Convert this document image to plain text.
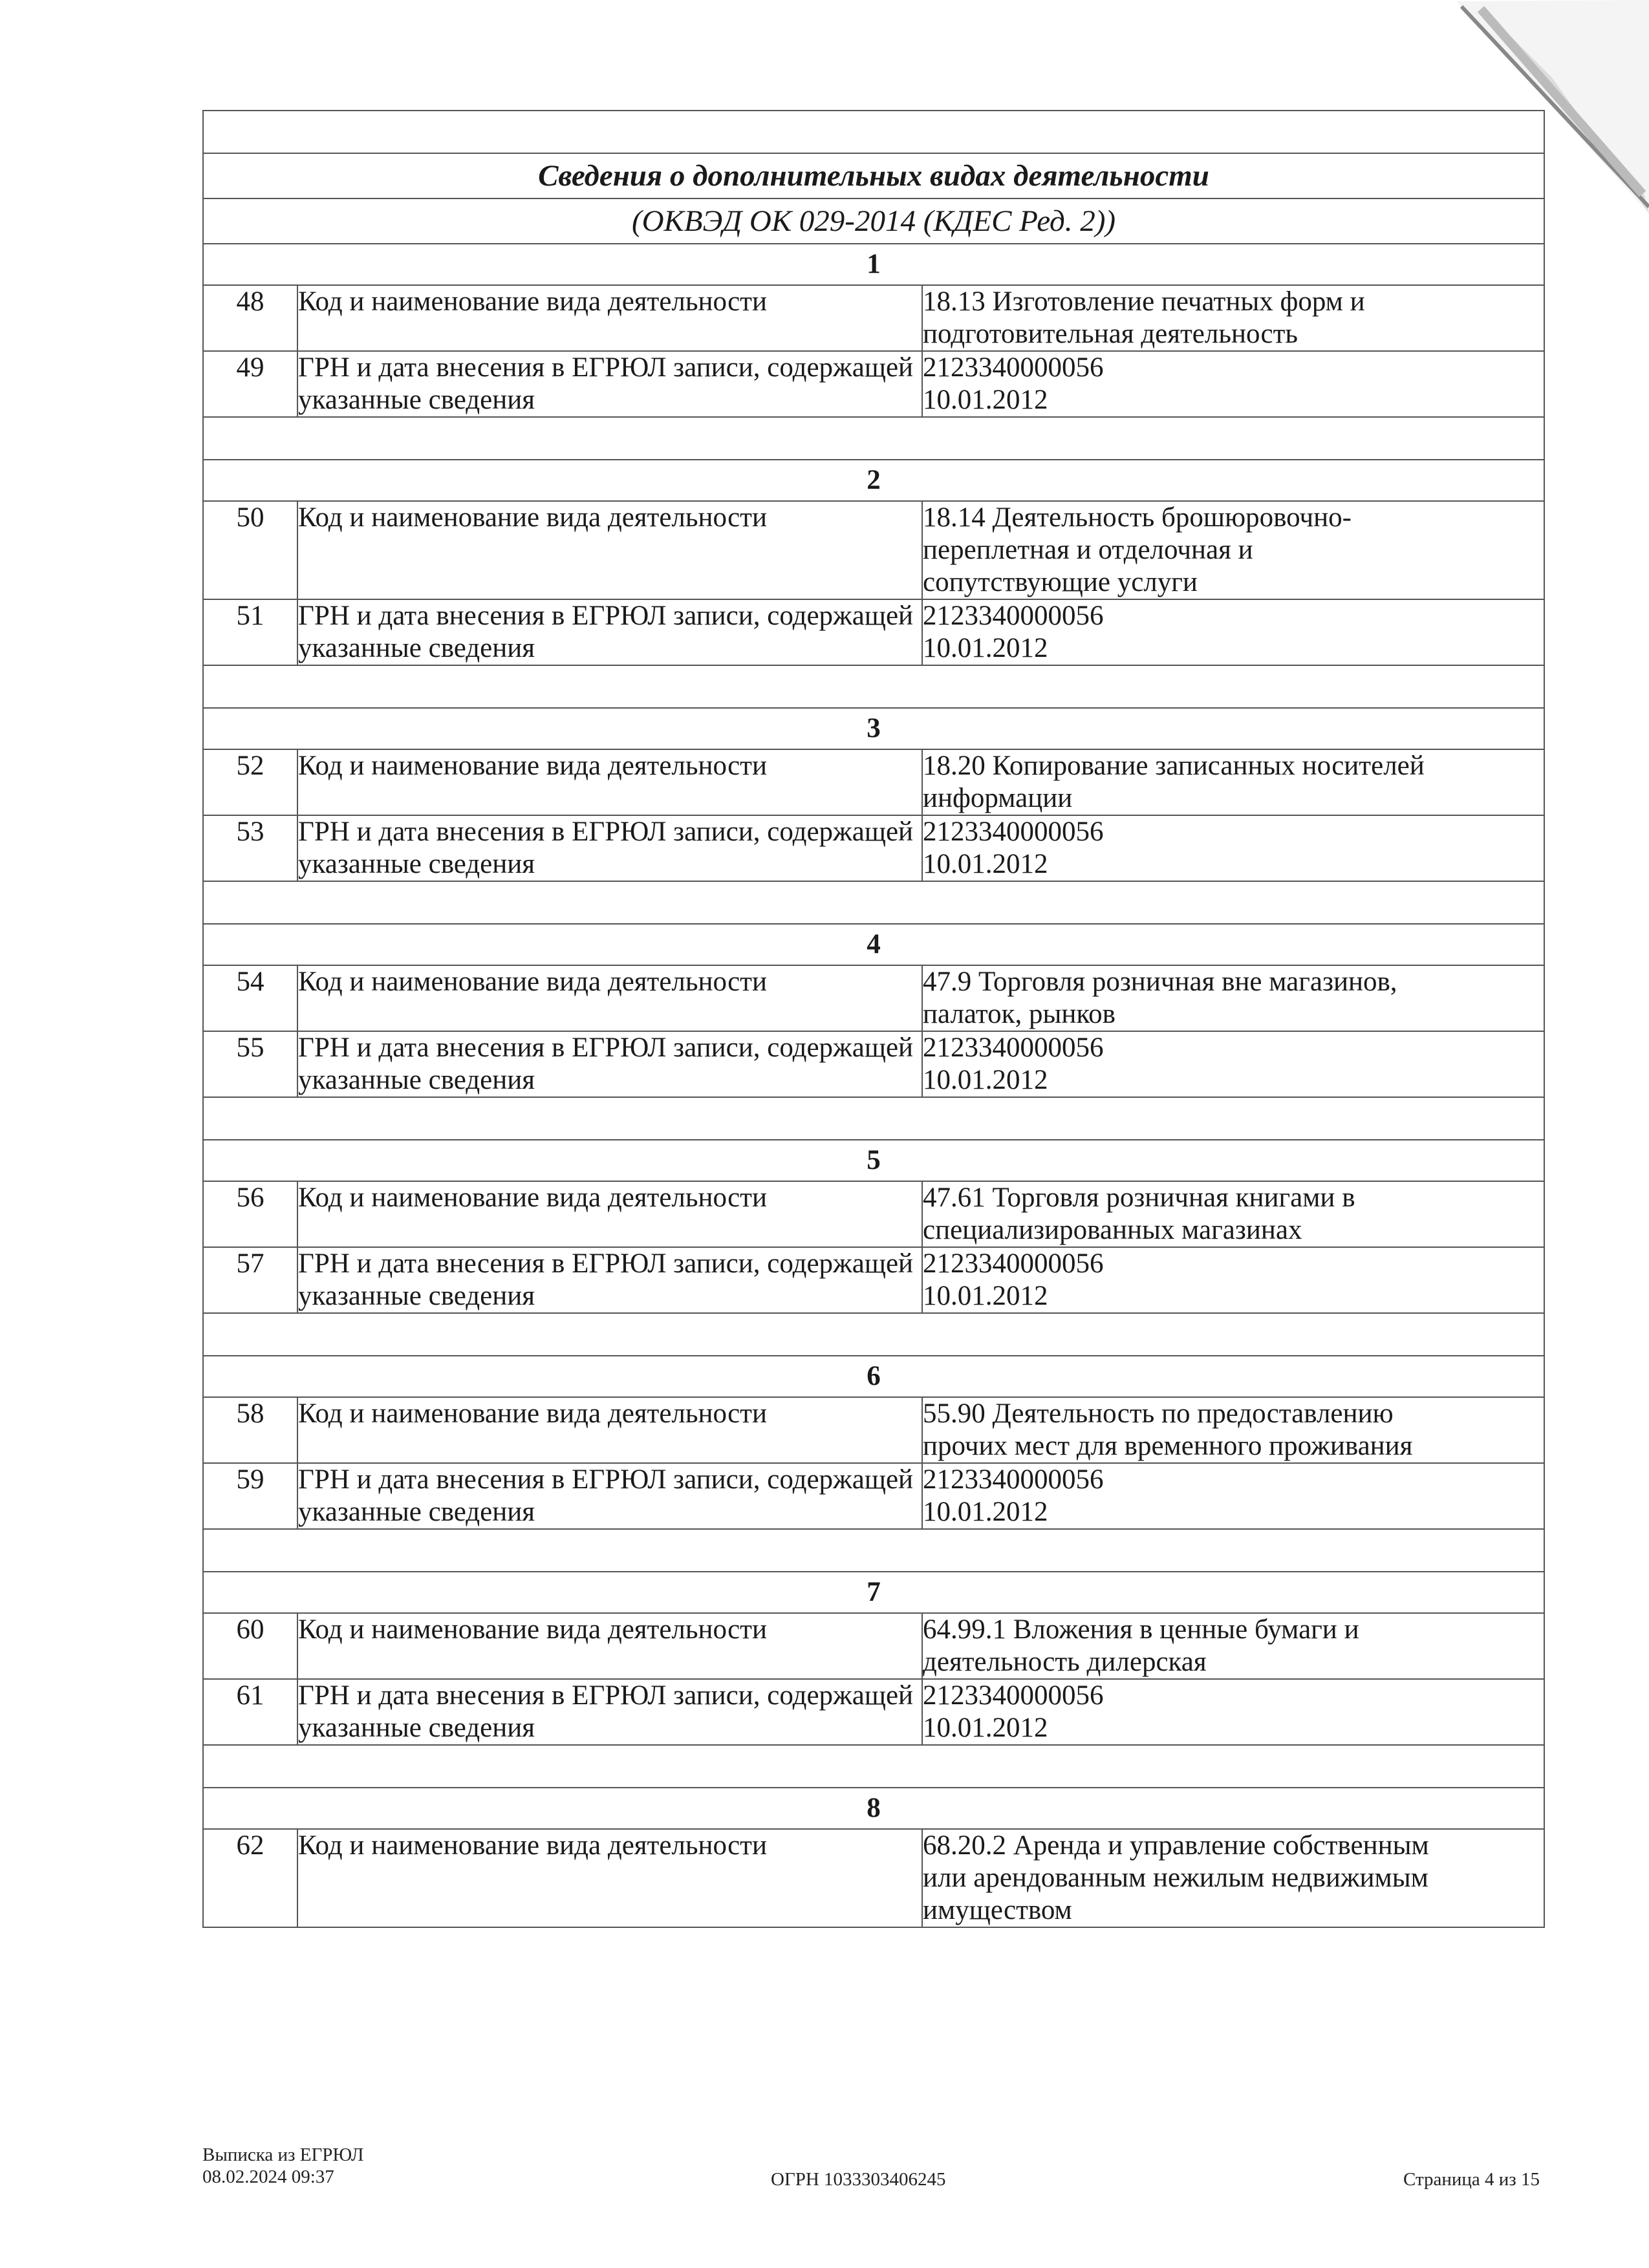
Сведения о дополнительных видах деятельности		
(ОКВЭД ОК 029-2014 (КДЕС Ред. 2))		
1		
48	Код и наименование вида деятельности	18.13 Изготовление печатных форм и
подготовительная деятельность

49	ГРН и дата внесения в ЕГРЮЛ записи, содержащей указанные сведения	2123340000056
10.01.2012

2		
50	Код и наименование вида деятельности	18.14 Деятельность брошюровочно-
переплетная и отделочная и
сопутствующие услуги

51	ГРН и дата внесения в ЕГРЮЛ записи, содержащей указанные сведения	2123340000056
10.01.2012

3		
52	Код и наименование вида деятельности	18.20 Копирование записанных носителей
информации

53	ГРН и дата внесения в ЕГРЮЛ записи, содержащей указанные сведения	2123340000056
10.01.2012

4		
54	Код и наименование вида деятельности	47.9 Торговля розничная вне магазинов,
палаток, рынков

55	ГРН и дата внесения в ЕГРЮЛ записи, содержащей указанные сведения	2123340000056
10.01.2012

5		
56	Код и наименование вида деятельности	47.61 Торговля розничная книгами в
специализированных магазинах

57	ГРН и дата внесения в ЕГРЮЛ записи, содержащей указанные сведения	2123340000056
10.01.2012

6		
58	Код и наименование вида деятельности	55.90 Деятельность по предоставлению
прочих мест для временного проживания

59	ГРН и дата внесения в ЕГРЮЛ записи, содержащей указанные сведения	2123340000056
10.01.2012

7		
60	Код и наименование вида деятельности	64.99.1 Вложения в ценные бумаги и
деятельность дилерская

61	ГРН и дата внесения в ЕГРЮЛ записи, содержащей указанные сведения	2123340000056
10.01.2012

8		
62	Код и наименование вида деятельности	68.20.2 Аренда и управление собственным
или арендованным нежилым недвижимым
имуществом
Выписка из ЕГРЮЛ
08.02.2024 09:37	ОГРН 1033303406245	Страница 4 из 15
